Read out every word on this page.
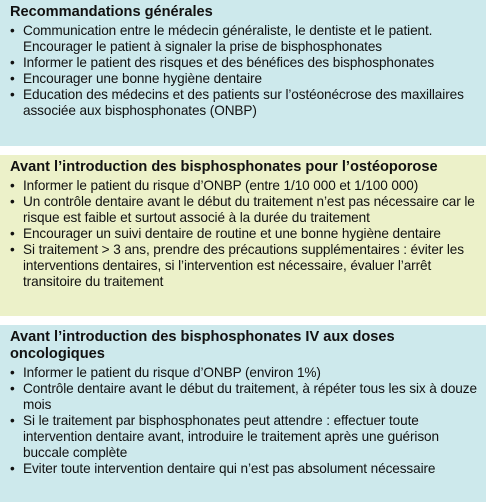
Recommandations générales
• Communication entre le médecin généraliste, le dentiste et le patient. Encourager le patient à signaler la prise de bisphosphonates
• Informer le patient des risques et des bénéfices des bisphosphonates
• Encourager une bonne hygiène dentaire
• Education des médecins et des patients sur l’ostéonécrose des maxillaires associée aux bisphosphonates (ONBP)
Avant l’introduction des bisphosphonates pour l’ostéoporose
• Informer le patient du risque d’ONBP (entre 1/10 000 et 1/100 000)
• Un contrôle dentaire avant le début du traitement n’est pas nécessaire car le risque est faible et surtout associé à la durée du traitement
• Encourager un suivi dentaire de routine et une bonne hygiène dentaire
• Si traitement > 3 ans, prendre des précautions supplémentaires : éviter les interventions dentaires, si l’intervention est nécessaire, évaluer l’arrêt transitoire du traitement
Avant l’introduction des bisphosphonates IV aux doses oncologiques
• Informer le patient du risque d’ONBP (environ 1%)
• Contrôle dentaire avant le début du traitement, à répéter tous les six à douze mois
• Si le traitement par bisphosphonates peut attendre : effectuer toute intervention dentaire avant, introduire le traitement après une guérison buccale complète
• Eviter toute intervention dentaire qui n’est pas absolument nécessaire
